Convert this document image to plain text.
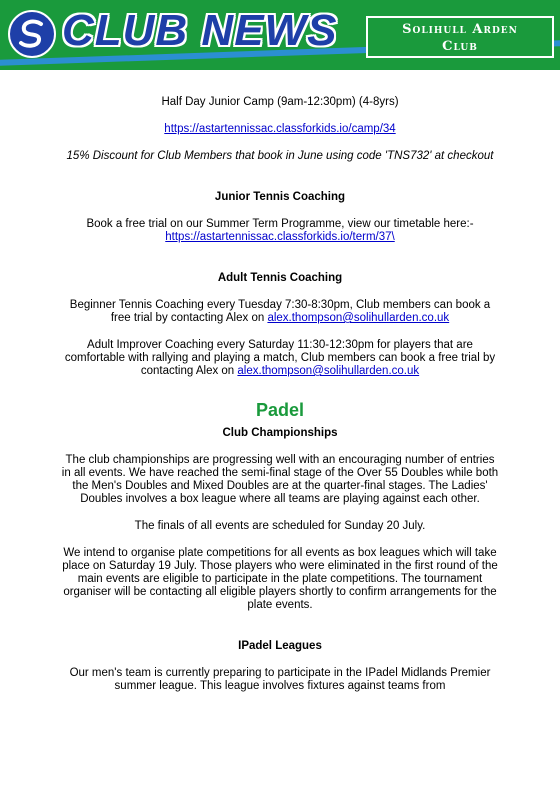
CLUB NEWS	Solihull Arden
Club

Half Day Junior Camp (9am-12:30pm) (4-8yrs)

https://astartennissac.classforkids.io/camp/34

15% Discount for Club Members that book in June using code 'TNS732' at checkout

Junior Tennis Coaching

Book a free trial on our Summer Term Programme, view our timetable here:- https://astartennissac.classforkids.io/term/37\

Adult Tennis Coaching

Beginner Tennis Coaching every Tuesday 7:30-8:30pm, Club members can book a free trial by contacting Alex on alex.thompson@solihullarden.co.uk

Adult Improver Coaching every Saturday 11:30-12:30pm for players that are comfortable with rallying and playing a match, Club members can book a free trial by contacting Alex on alex.thompson@solihullarden.co.uk

Padel
Club Championships

The club championships are progressing well with an encouraging number of entries in all events. We have reached the semi-final stage of the Over 55 Doubles while both the Men's Doubles and Mixed Doubles are at the quarter-final stages. The Ladies' Doubles involves a box league where all teams are playing against each other.

The finals of all events are scheduled for Sunday 20 July.

We intend to organise plate competitions for all events as box leagues which will take place on Saturday 19 July. Those players who were eliminated in the first round of the main events are eligible to participate in the plate competitions. The tournament organiser will be contacting all eligible players shortly to confirm arrangements for the plate events.

IPadel Leagues

Our men's team is currently preparing to participate in the IPadel Midlands Premier summer league. This league involves fixtures against teams from
